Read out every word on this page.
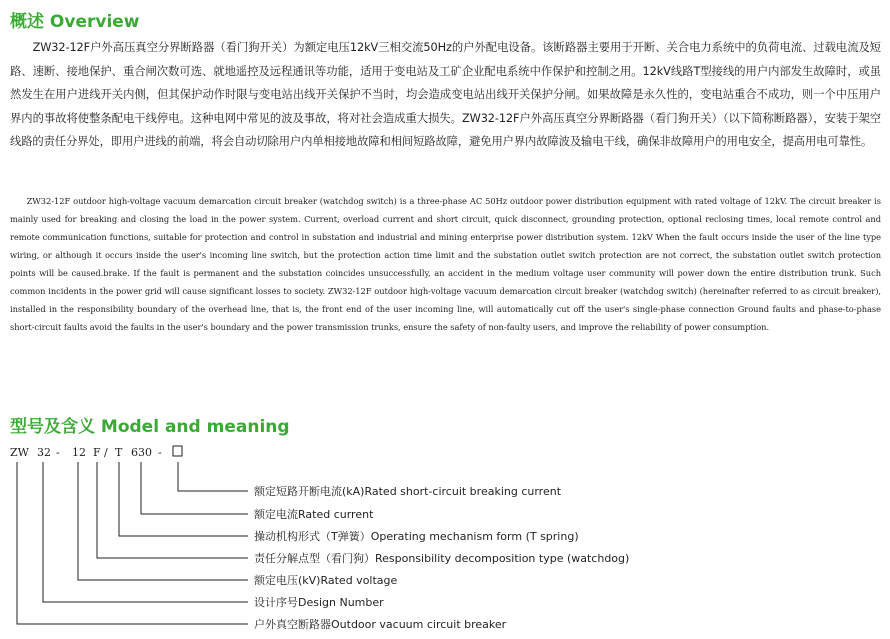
概述 Overview

ZW32-12F户外高压真空分界断路器（看门狗开关）为额定电压12kV三相交流50Hz的户外配电设备。该断路器主要用于开断、关合电力系统中的负荷电流、过载电流及短路、速断、接地保护、重合闸次数可选、就地遥控及远程通讯等功能，适用于变电站及工矿企业配电系统中作保护和控制之用。12kV线路T型接线的用户内部发生故障时，或虽然发生在用户进线开关内侧，但其保护动作时限与变电站出线开关保护不当时，均会造成变电站出线开关保护分闸。如果故障是永久性的，变电站重合不成功，则一个中压用户界内的事故将使整条配电干线停电。这种电网中常见的波及事故，将对社会造成重大损失。ZW32-12F户外高压真空分界断路器（看门狗开关）（以下简称断路器），安装于架空线路的责任分界处，即用户进线的前端，将会自动切除用户内单相接地故障和相间短路故障，避免用户界内故障波及输电干线，确保非故障用户的用电安全，提高用电可靠性。

ZW32-12F outdoor high-voltage vacuum demarcation circuit breaker (watchdog switch) is a three-phase AC 50Hz outdoor power distribution equipment with rated voltage of 12kV. The circuit breaker is mainly used for breaking and closing the load in the power system. Current, overload current and short circuit, quick disconnect, grounding protection, optional reclosing times, local remote control and remote communication functions, suitable for protection and control in substation and industrial and mining enterprise power distribution system. 12kV When the fault occurs inside the user of the line type wiring, or although it occurs inside the user's incoming line switch, but the protection action time limit and the substation outlet switch protection are not correct, the substation outlet switch protection points will be caused.brake. If the fault is permanent and the substation coincides unsuccessfully, an accident in the medium voltage user community will power down the entire distribution trunk. Such common incidents in the power grid will cause significant losses to society. ZW32-12F outdoor high-voltage vacuum demarcation circuit breaker (watchdog switch) (hereinafter referred to as circuit breaker), installed in the responsibility boundary of the overhead line, that is, the front end of the user incoming line, will automatically cut off the user's single-phase connection Ground faults and phase-to-phase short-circuit faults avoid the faults in the user's boundary and the power transmission trunks, ensure the safety of non-faulty users, and improve the reliability of power consumption.

型号及含义 Model and meaning
ZW 32 - 12 F / T 630 -
额定短路开断电流(kA)Rated short-circuit breaking current
额定电流Rated current
操动机构形式（T弹簧）Operating mechanism form (T spring)
责任分解点型（看门狗）Responsibility decomposition type (watchdog)
额定电压(kV)Rated voltage
设计序号Design Number
户外真空断路器Outdoor vacuum circuit breaker
